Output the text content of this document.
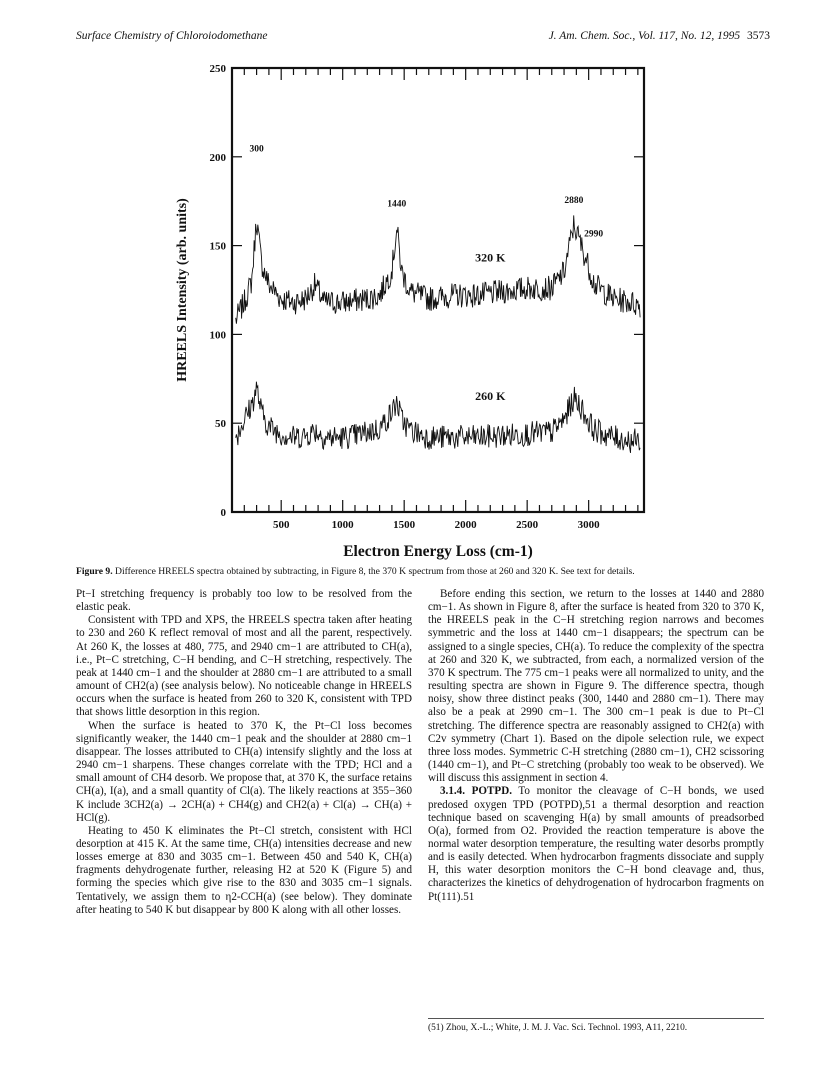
Surface Chemistry of Chloroiodomethane	J. Am. Chem. Soc., Vol. 117, No. 12, 1995 3573
500	1000	1500	2000	2500	3000
0
50
100
150
200
250
300
1440	2880
2990
320 K
260 K
Electron Energy Loss (cm-1)
HREELS Intensity (arb. units)
Figure 9. Difference HREELS spectra obtained by subtracting, in Figure 8, the 370 K spectrum from those at 260 and 320 K. See text for details.

Pt−I stretching frequency is probably too low to be resolved from the elastic peak.

Consistent with TPD and XPS, the HREELS spectra taken after heating to 230 and 260 K reflect removal of most and all the parent, respectively. At 260 K, the losses at 480, 775, and 2940 cm−1 are attributed to CH(a), i.e., Pt−C stretching, C−H bending, and C−H stretching, respectively. The peak at 1440 cm−1 and the shoulder at 2880 cm−1 are attributed to a small amount of CH2(a) (see analysis below). No noticeable change in HREELS occurs when the surface is heated from 260 to 320 K, consistent with TPD that shows little desorption in this region.

When the surface is heated to 370 K, the Pt−Cl loss becomes significantly weaker, the 1440 cm−1 peak and the shoulder at 2880 cm−1 disappear. The losses attributed to CH(a) intensify slightly and the loss at 2940 cm−1 sharpens. These changes correlate with the TPD; HCl and a small amount of CH4 desorb. We propose that, at 370 K, the surface retains CH(a), I(a), and a small quantity of Cl(a). The likely reactions at 355−360 K include 3CH2(a) → 2CH(a) + CH4(g) and CH2(a) + Cl(a) → CH(a) + HCl(g).

Heating to 450 K eliminates the Pt−Cl stretch, consistent with HCl desorption at 415 K. At the same time, CH(a) intensities decrease and new losses emerge at 830 and 3035 cm−1. Between 450 and 540 K, CH(a) fragments dehydrogenate further, releasing H2 at 520 K (Figure 5) and forming the species which give rise to the 830 and 3035 cm−1 signals. Tentatively, we assign them to η2-CCH(a) (see below). They dominate after heating to 540 K but disappear by 800 K along with all other losses.

Before ending this section, we return to the losses at 1440 and 2880 cm−1. As shown in Figure 8, after the surface is heated from 320 to 370 K, the HREELS peak in the C−H stretching region narrows and becomes symmetric and the loss at 1440 cm−1 disappears; the spectrum can be assigned to a single species, CH(a). To reduce the complexity of the spectra at 260 and 320 K, we subtracted, from each, a normalized version of the 370 K spectrum. The 775 cm−1 peaks were all normalized to unity, and the resulting spectra are shown in Figure 9. The difference spectra, though noisy, show three distinct peaks (300, 1440 and 2880 cm−1). There may also be a peak at 2990 cm−1. The 300 cm−1 peak is due to Pt−Cl stretching. The difference spectra are reasonably assigned to CH2(a) with C2v symmetry (Chart 1). Based on the dipole selection rule, we expect three loss modes. Symmetric C-H stretching (2880 cm−1), CH2 scissoring (1440 cm−1), and Pt−C stretching (probably too weak to be observed). We will discuss this assignment in section 4.

3.1.4. POTPD. To monitor the cleavage of C−H bonds, we used predosed oxygen TPD (POTPD),51 a thermal desorption and reaction technique based on scavenging H(a) by small amounts of preadsorbed O(a), formed from O2. Provided the reaction temperature is above the normal water desorption temperature, the resulting water desorbs promptly and is easily detected. When hydrocarbon fragments dissociate and supply H, this water desorption monitors the C−H bond cleavage and, thus, characterizes the kinetics of dehydrogenation of hydrocarbon fragments on Pt(111).51

(51) Zhou, X.-L.; White, J. M. J. Vac. Sci. Technol. 1993, A11, 2210.
